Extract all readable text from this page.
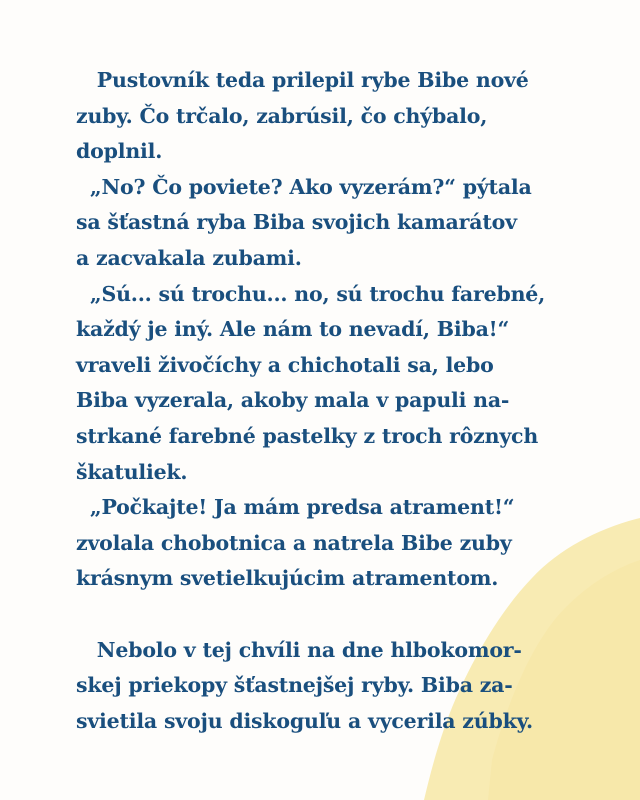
Pustovník teda prilepil rybe Bibe nové
zuby. Čo trčalo, zabrúsil, čo chýbalo,
doplnil.
„No? Čo poviete? Ako vyzerám?“ pýtala
sa šťastná ryba Biba svojich kamarátov
a zacvakala zubami.
„Sú... sú trochu... no, sú trochu farebné,
každý je iný. Ale nám to nevadí, Biba!“
vraveli živočíchy a chichotali sa, lebo
Biba vyzerala, akoby mala v papuli na-
strkané farebné pastelky z troch rôznych
škatuliek.
„Počkajte! Ja mám predsa atrament!“
zvolala chobotnica a natrela Bibe zuby
krásnym svetielkujúcim atramentom.
Nebolo v tej chvíli na dne hlbokomor-
skej priekopy šťastnejšej ryby. Biba za-
svietila svoju diskoguľu a vycerila zúbky.
